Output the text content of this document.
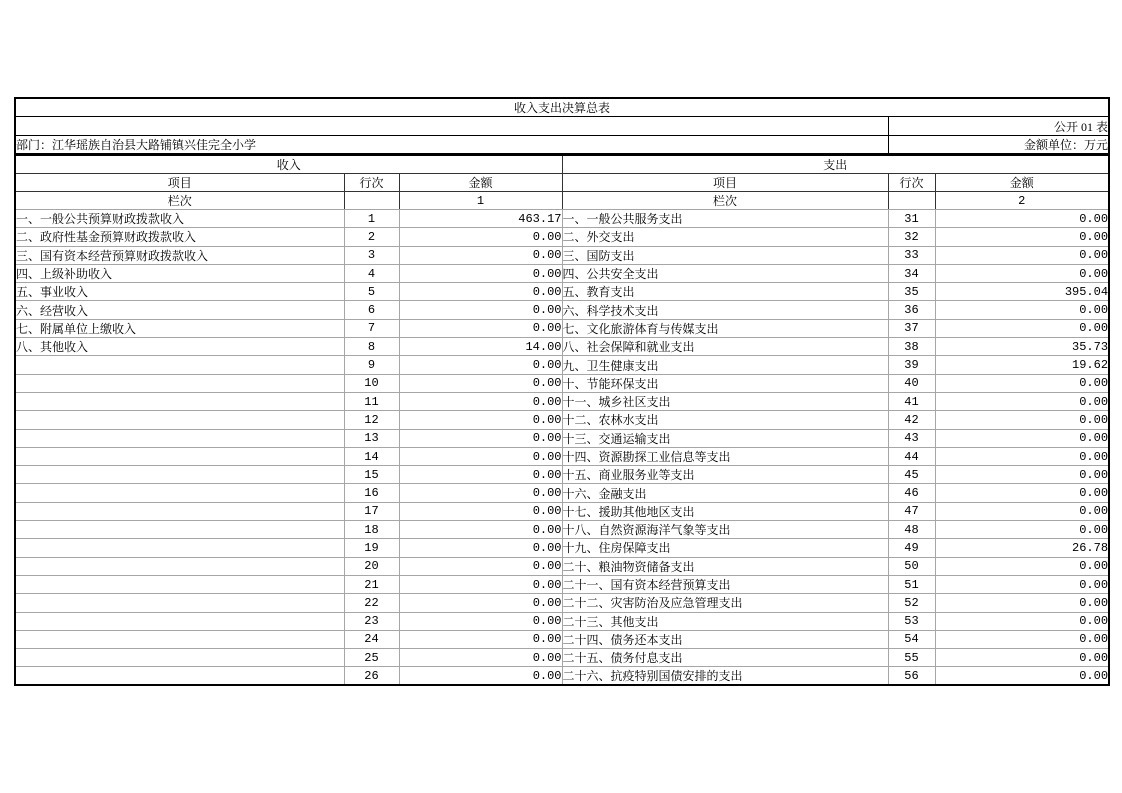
收入支出决算总表					
				公开 01 表	
部门：江华瑶族自治县大路铺镇兴佳完全小学				金额单位：万元	
收入			支出		
项目	行次	金额	项目	行次	金额
栏次		1	栏次		2
一、一般公共预算财政拨款收入	1	463.17	一、一般公共服务支出	31	0.00
二、政府性基金预算财政拨款收入	2	0.00	二、外交支出	32	0.00
三、国有资本经营预算财政拨款收入	3	0.00	三、国防支出	33	0.00
四、上级补助收入	4	0.00	四、公共安全支出	34	0.00
五、事业收入	5	0.00	五、教育支出	35	395.04
六、经营收入	6	0.00	六、科学技术支出	36	0.00
七、附属单位上缴收入	7	0.00	七、文化旅游体育与传媒支出	37	0.00
八、其他收入	8	14.00	八、社会保障和就业支出	38	35.73
	9	0.00	九、卫生健康支出	39	19.62
	10	0.00	十、节能环保支出	40	0.00
	11	0.00	十一、城乡社区支出	41	0.00
	12	0.00	十二、农林水支出	42	0.00
	13	0.00	十三、交通运输支出	43	0.00
	14	0.00	十四、资源勘探工业信息等支出	44	0.00
	15	0.00	十五、商业服务业等支出	45	0.00
	16	0.00	十六、金融支出	46	0.00
	17	0.00	十七、援助其他地区支出	47	0.00
	18	0.00	十八、自然资源海洋气象等支出	48	0.00
	19	0.00	十九、住房保障支出	49	26.78
	20	0.00	二十、粮油物资储备支出	50	0.00
	21	0.00	二十一、国有资本经营预算支出	51	0.00
	22	0.00	二十二、灾害防治及应急管理支出	52	0.00
	23	0.00	二十三、其他支出	53	0.00
	24	0.00	二十四、债务还本支出	54	0.00
	25	0.00	二十五、债务付息支出	55	0.00
	26	0.00	二十六、抗疫特别国债安排的支出	56	0.00
